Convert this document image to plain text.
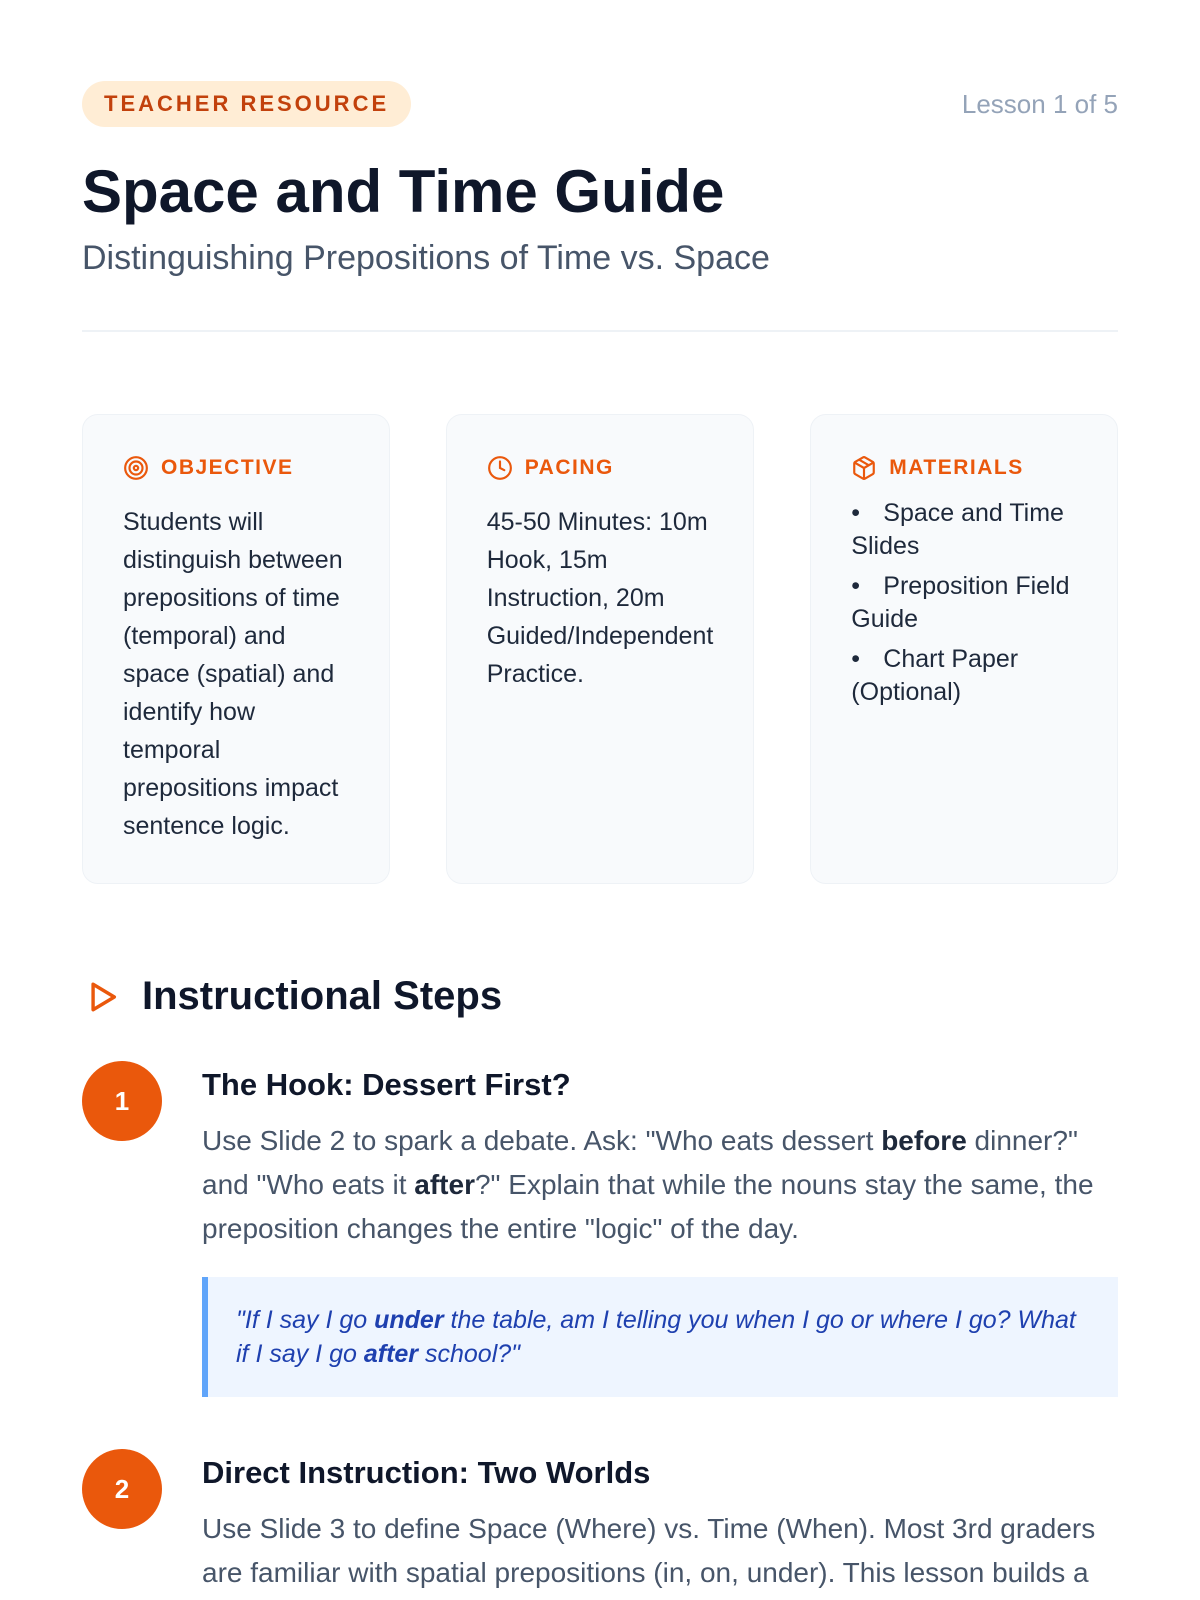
TEACHER RESOURCE	Lesson 1 of 5
Space and Time Guide
Distinguishing Prepositions of Time vs. Space
OBJECTIVE
Students will distinguish between prepositions of time (temporal) and space (spatial) and identify how temporal prepositions impact sentence logic.
PACING
45-50 Minutes: 10m Hook, 15m Instruction, 20m Guided/Independent Practice.
MATERIALS
• Space and Time Slides
• Preposition Field Guide
• Chart Paper (Optional)
Instructional Steps
1	The Hook: Dessert First?
Use Slide 2 to spark a debate. Ask: "Who eats dessert before dinner?" and "Who eats it after?" Explain that while the nouns stay the same, the preposition changes the entire "logic" of the day.
"If I say I go under the table, am I telling you when I go or where I go? What if I say I go after school?"
2	Direct Instruction: Two Worlds
Use Slide 3 to define Space (Where) vs. Time (When). Most 3rd graders are familiar with spatial prepositions (in, on, under). This lesson builds a
